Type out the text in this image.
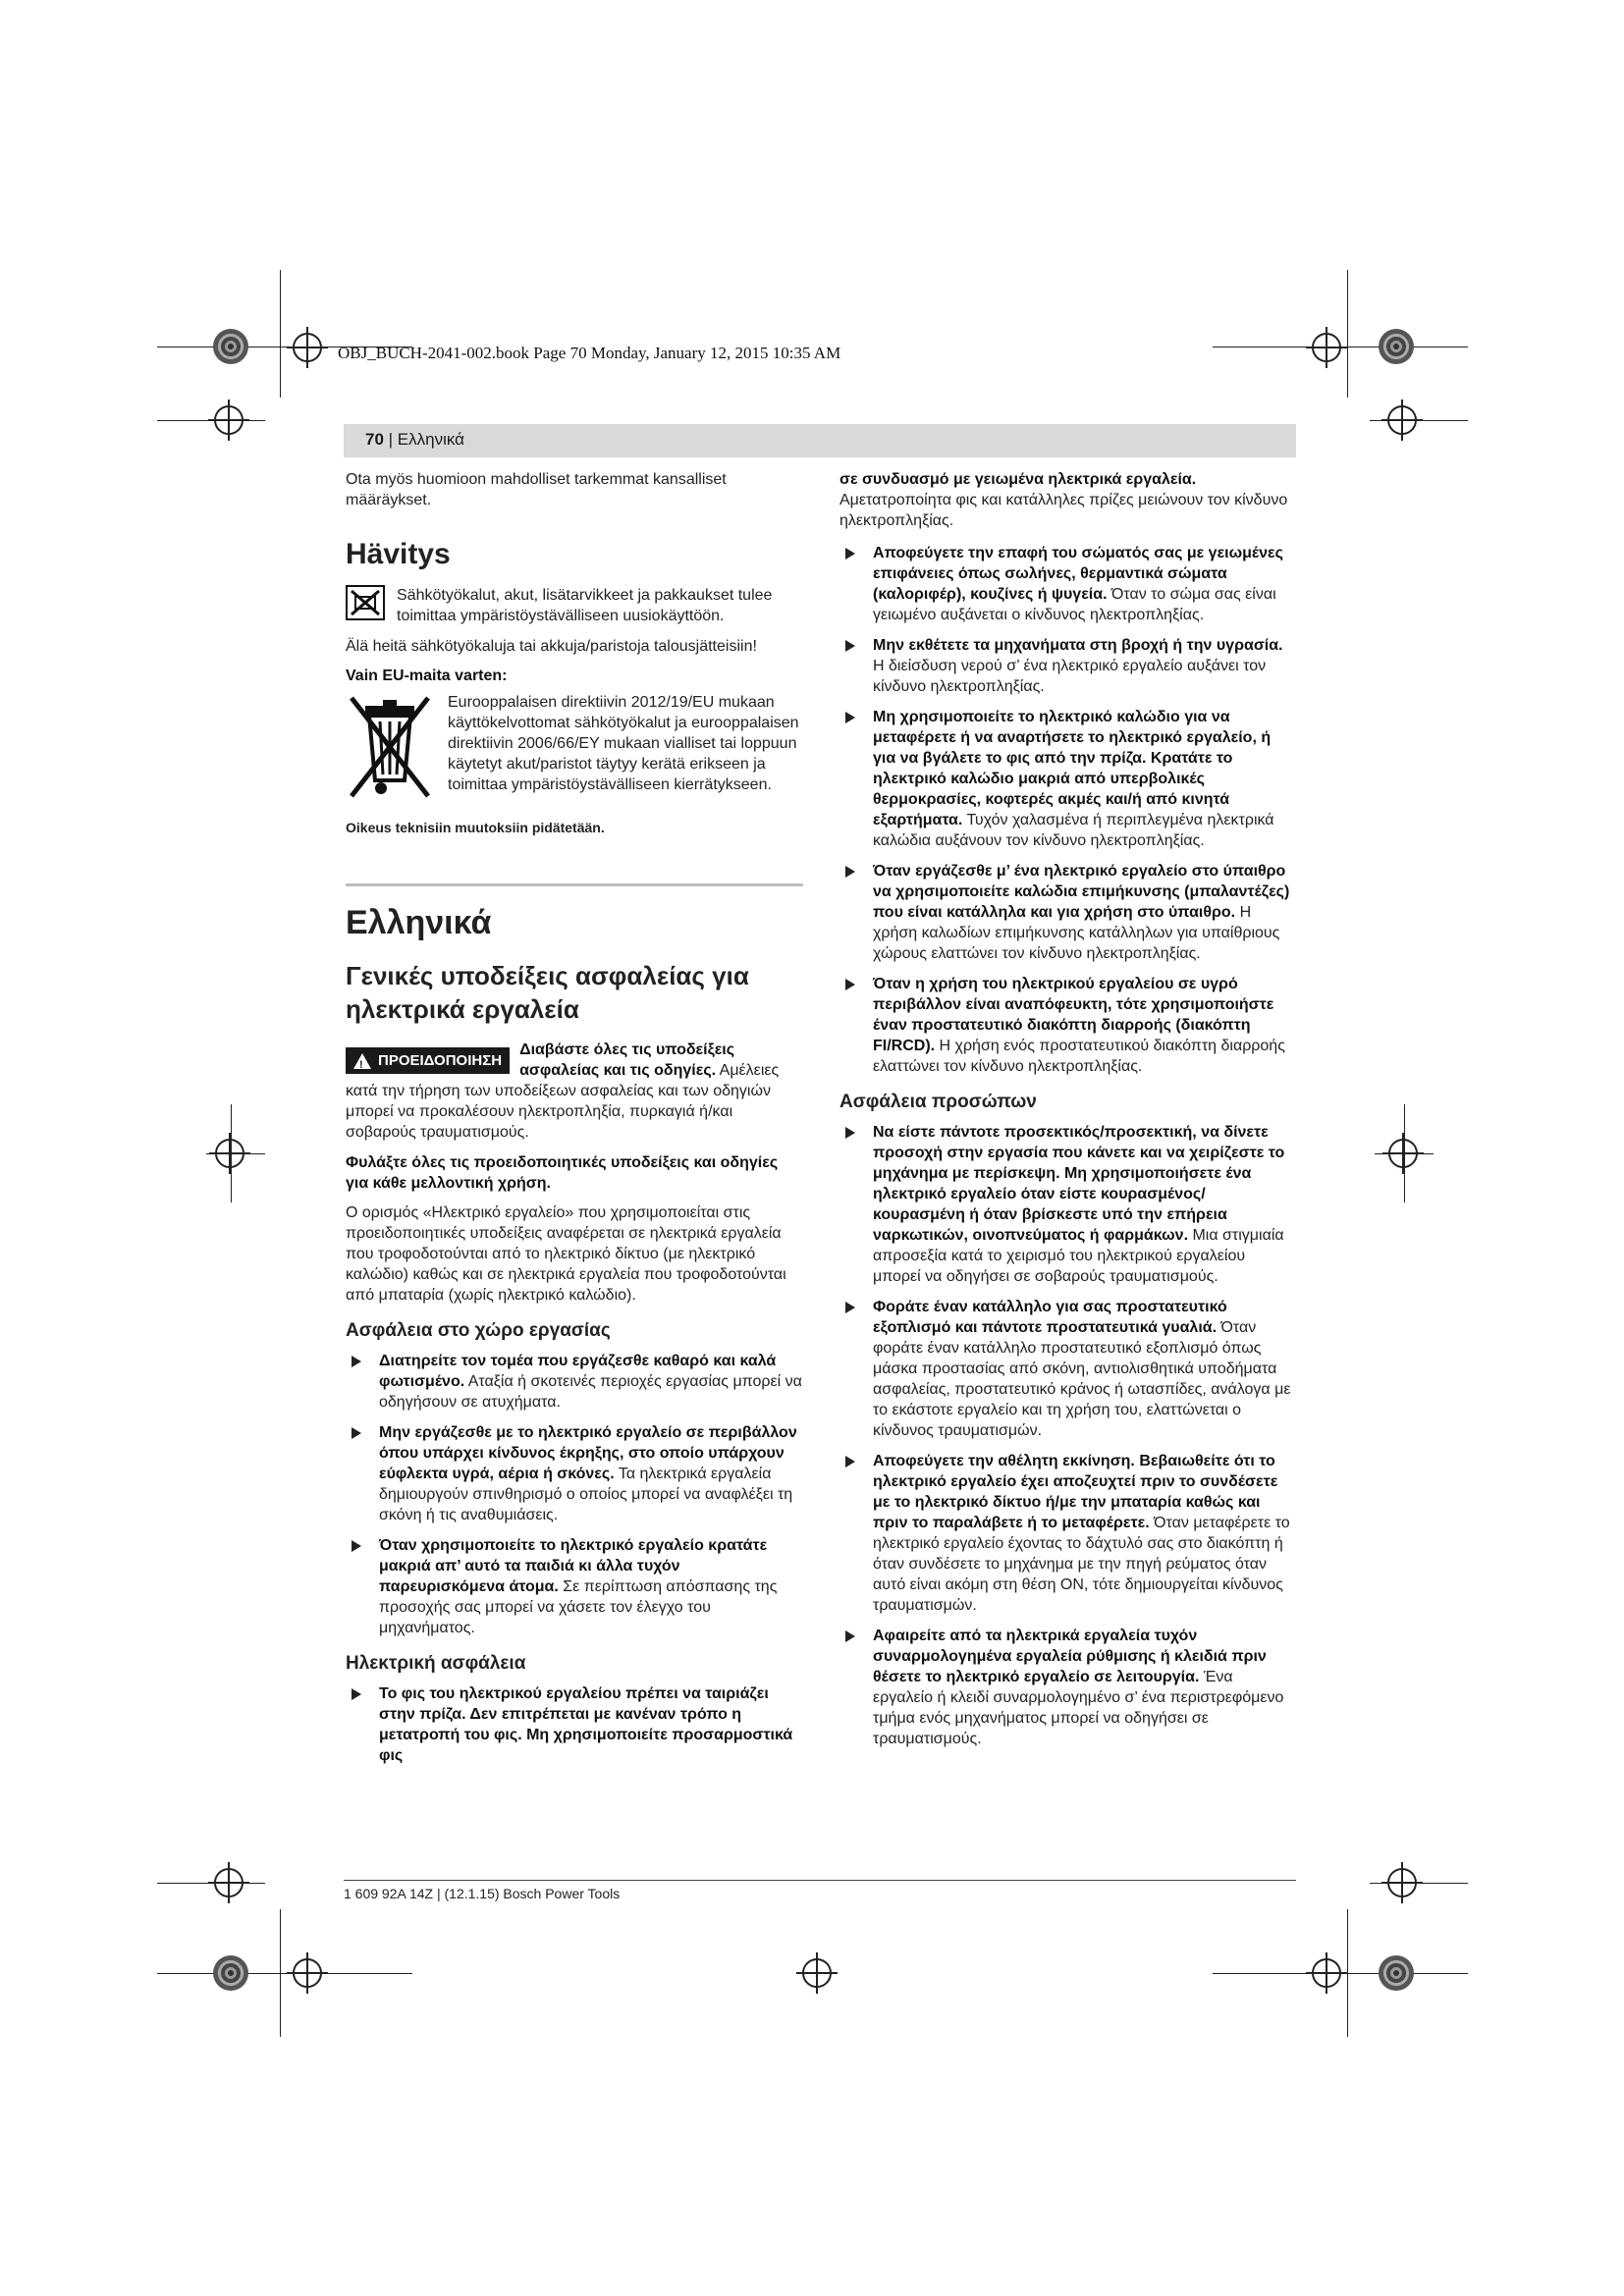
OBJ_BUCH-2041-002.book Page 70 Monday, January 12, 2015 10:35 AM
70 | Ελληνικά

Ota myös huomioon mahdolliset tarkemmat kansalliset määräykset.

Hävitys
Sähkötyökalut, akut, lisätarvikkeet ja pakkaukset tulee toimittaa ympäristöystävälliseen uusiokäyttöön.

Älä heitä sähkötyökaluja tai akkuja/paristoja talousjätteisiin!

Vain EU-maita varten:

Eurooppalaisen direktiivin 2012/19/EU mukaan käyttökelvottomat sähkötyökalut ja eurooppalaisen direktiivin 2006/66/EY mukaan vialliset tai loppuun käytetyt akut/paristot täytyy kerätä erikseen ja toimittaa ympäristöystävälliseen kierrätykseen.

Oikeus teknisiin muutoksiin pidätetään.

Ελληνικά
Γενικές υποδείξεις ασφαλείας για ηλεκτρικά εργαλεία
!
ΠΡΟΕΙΔΟΠΟΙΗΣΗ
Διαβάστε όλες τις υποδείξεις ασφαλείας και τις οδηγίες. Αμέλειες κατά την τήρηση των υποδείξεων ασφαλείας και των οδηγιών μπορεί να προκαλέσουν ηλεκτροπληξία, πυρκαγιά ή/και σοβαρούς τραυματισμούς.

Φυλάξτε όλες τις προειδοποιητικές υποδείξεις και οδηγίες για κάθε μελλοντική χρήση.

Ο ορισμός «Ηλεκτρικό εργαλείο» που χρησιμοποιείται στις προειδοποιητικές υποδείξεις αναφέρεται σε ηλεκτρικά εργαλεία που τροφοδοτούνται από το ηλεκτρικό δίκτυο (με ηλεκτρικό καλώδιο) καθώς και σε ηλεκτρικά εργαλεία που τροφοδοτούνται από μπαταρία (χωρίς ηλεκτρικό καλώδιο).

Ασφάλεια στο χώρο εργασίας
Διατηρείτε τον τομέα που εργάζεσθε καθαρό και καλά φωτισμένο. Αταξία ή σκοτεινές περιοχές εργασίας μπορεί να οδηγήσουν σε ατυχήματα.
Μην εργάζεσθε με το ηλεκτρικό εργαλείο σε περιβάλλον όπου υπάρχει κίνδυνος έκρηξης, στο οποίο υπάρχουν εύφλεκτα υγρά, αέρια ή σκόνες. Τα ηλεκτρικά εργαλεία δημιουργούν σπινθηρισμό ο οποίος μπορεί να αναφλέξει τη σκόνη ή τις αναθυμιάσεις.
Όταν χρησιμοποιείτε το ηλεκτρικό εργαλείο κρατάτε μακριά απ’ αυτό τα παιδιά κι άλλα τυχόν παρευρισκόμενα άτομα. Σε περίπτωση απόσπασης της προσοχής σας μπορεί να χάσετε τον έλεγχο του μηχανήματος.
Ηλεκτρική ασφάλεια
Το φις του ηλεκτρικού εργαλείου πρέπει να ταιριάζει στην πρίζα. Δεν επιτρέπεται με κανέναν τρόπο η μετατροπή του φις. Μη χρησιμοποιείτε προσαρμοστικά φις

σε συνδυασμό με γειωμένα ηλεκτρικά εργαλεία. Αμετατροποίητα φις και κατάλληλες πρίζες μειώνουν τον κίνδυνο ηλεκτροπληξίας.

Αποφεύγετε την επαφή του σώματός σας με γειωμένες επιφάνειες όπως σωλήνες, θερμαντικά σώματα (καλοριφέρ), κουζίνες ή ψυγεία. Όταν το σώμα σας είναι γειωμένο αυξάνεται ο κίνδυνος ηλεκτροπληξίας.
Μην εκθέτετε τα μηχανήματα στη βροχή ή την υγρασία. Η διείσδυση νερού σ’ ένα ηλεκτρικό εργαλείο αυξάνει τον κίνδυνο ηλεκτροπληξίας.
Μη χρησιμοποιείτε το ηλεκτρικό καλώδιο για να μεταφέρετε ή να αναρτήσετε το ηλεκτρικό εργαλείο, ή για να βγάλετε το φις από την πρίζα. Κρατάτε το ηλεκτρικό καλώδιο μακριά από υπερβολικές θερμοκρασίες, κοφτερές ακμές και/ή από κινητά εξαρτήματα. Τυχόν χαλασμένα ή περιπλεγμένα ηλεκτρικά καλώδια αυξάνουν τον κίνδυνο ηλεκτροπληξίας.
Όταν εργάζεσθε μ’ ένα ηλεκτρικό εργαλείο στο ύπαιθρο να χρησιμοποιείτε καλώδια επιμήκυνσης (μπαλαντέζες) που είναι κατάλληλα και για χρήση στο ύπαιθρο. Η χρήση καλωδίων επιμήκυνσης κατάλληλων για υπαίθριους χώρους ελαττώνει τον κίνδυνο ηλεκτροπληξίας.
Όταν η χρήση του ηλεκτρικού εργαλείου σε υγρό περιβάλλον είναι αναπόφευκτη, τότε χρησιμοποιήστε έναν προστατευτικό διακόπτη διαρροής (διακόπτη FI/RCD). Η χρήση ενός προστατευτικού διακόπτη διαρροής ελαττώνει τον κίνδυνο ηλεκτροπληξίας.
Ασφάλεια προσώπων
Να είστε πάντοτε προσεκτικός/προσεκτική, να δίνετε προσοχή στην εργασία που κάνετε και να χειρίζεστε το μηχάνημα με περίσκεψη. Μη χρησιμοποιήσετε ένα ηλεκτρικό εργαλείο όταν είστε κουρασμένος/κουρασμένη ή όταν βρίσκεστε υπό την επήρεια ναρκωτικών, οινοπνεύματος ή φαρμάκων. Μια στιγμιαία απροσεξία κατά το χειρισμό του ηλεκτρικού εργαλείου μπορεί να οδηγήσει σε σοβαρούς τραυματισμούς.
Φοράτε έναν κατάλληλο για σας προστατευτικό εξοπλισμό και πάντοτε προστατευτικά γυαλιά. Όταν φοράτε έναν κατάλληλο προστατευτικό εξοπλισμό όπως μάσκα προστασίας από σκόνη, αντιολισθητικά υποδήματα ασφαλείας, προστατευτικό κράνος ή ωτασπίδες, ανάλογα με το εκάστοτε εργαλείο και τη χρήση του, ελαττώνεται ο κίνδυνος τραυματισμών.
Αποφεύγετε την αθέλητη εκκίνηση. Βεβαιωθείτε ότι το ηλεκτρικό εργαλείο έχει αποζευχτεί πριν το συνδέσετε με το ηλεκτρικό δίκτυο ή/με την μπαταρία καθώς και πριν το παραλάβετε ή το μεταφέρετε. Όταν μεταφέρετε το ηλεκτρικό εργαλείο έχοντας το δάχτυλό σας στο διακόπτη ή όταν συνδέσετε το μηχάνημα με την πηγή ρεύματος όταν αυτό είναι ακόμη στη θέση ON, τότε δημιουργείται κίνδυνος τραυματισμών.
Αφαιρείτε από τα ηλεκτρικά εργαλεία τυχόν συναρμολογημένα εργαλεία ρύθμισης ή κλειδιά πριν θέσετε το ηλεκτρικό εργαλείο σε λειτουργία. Ένα εργαλείο ή κλειδί συναρμολογημένο σ’ ένα περιστρεφόμενο τμήμα ενός μηχανήματος μπορεί να οδηγήσει σε τραυματισμούς.
1 609 92A 14Z | (12.1.15) Bosch Power Tools
